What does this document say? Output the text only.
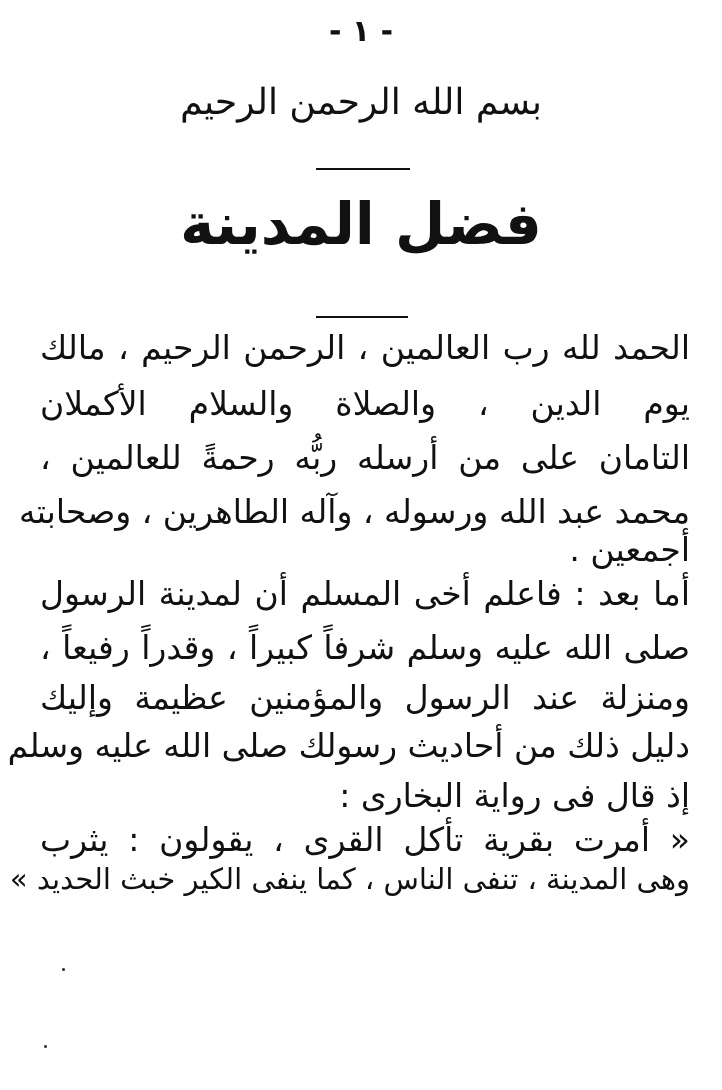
- ١ -
بسم الله الرحمن الرحيم
فضل المدينة
الحمد لله رب العالمين ، الرحمن الرحيم ، مالك
يوم الدين ، والصلاة والسلام الأكملان
التامان على من أرسله ربُّه رحمةً للعالمين ،
محمد عبد الله ورسوله ، وآله الطاهرين ، وصحابته
أجمعين .
أما بعد : فاعلم أخى المسلم أن لمدينة الرسول
صلى الله عليه وسلم شرفاً كبيراً ، وقدراً رفيعاً ،
ومنزلة عند الرسول والمؤمنين عظيمة وإليك
دليل ذلك من أحاديث رسولك صلى الله عليه وسلم
إذ قال فى رواية البخارى :
« أمرت بقرية تأكل القرى ، يقولون : يثرب
وهى المدينة ، تنفى الناس ، كما ينفى الكير خبث الحديد »
